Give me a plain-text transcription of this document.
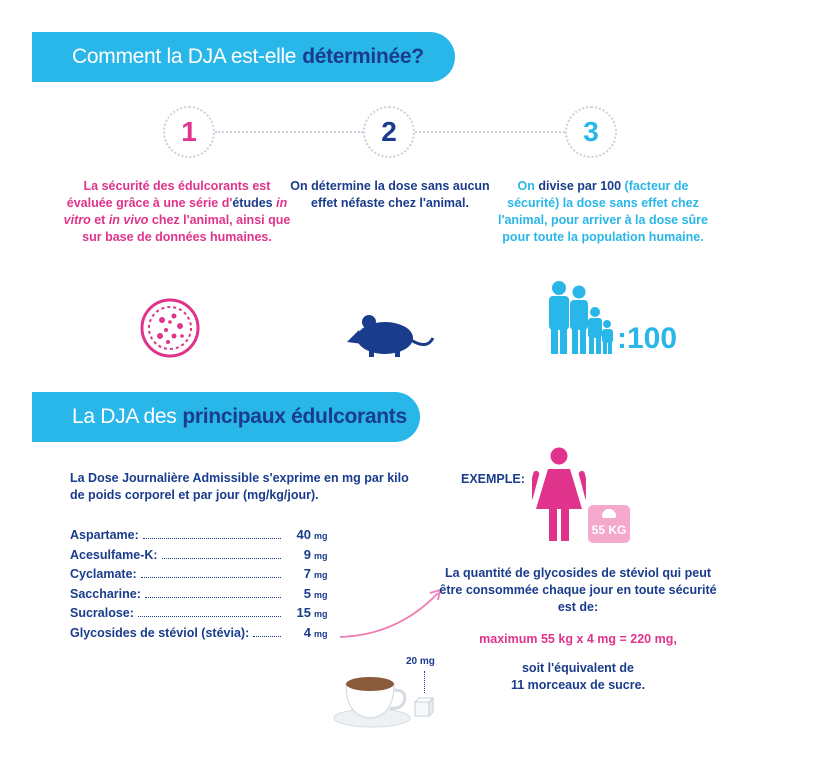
Comment la DJA est-elle déterminée?
1	2	3
La sécurité des édulcorants est évaluée grâce à une série d'études in vitro et in vivo chez l'animal, ainsi que sur base de données humaines.
On détermine la dose sans aucun effet néfaste chez l'animal.
On divise par 100 (facteur de sécurité) la dose sans effet chez l'animal, pour arriver à la dose sûre pour toute la population humaine.
:100
La DJA des principaux édulcorants
La Dose Journalière Admissible s'exprime en mg par kilo de poids corporel et par jour (mg/kg/jour).
Aspartame:	40 mg
Acesulfame-K:	9 mg
Cyclamate:	7 mg
Saccharine:	5 mg
Sucralose:	15 mg
Glycosides de stéviol (stévia):	4 mg
EXEMPLE:
55 KG
La quantité de glycosides de stéviol qui peut être consommée chaque jour en toute sécurité est de:
maximum 55 kg x 4 mg = 220 mg,
soit l'équivalent de
11 morceaux de sucre.
20 mg
